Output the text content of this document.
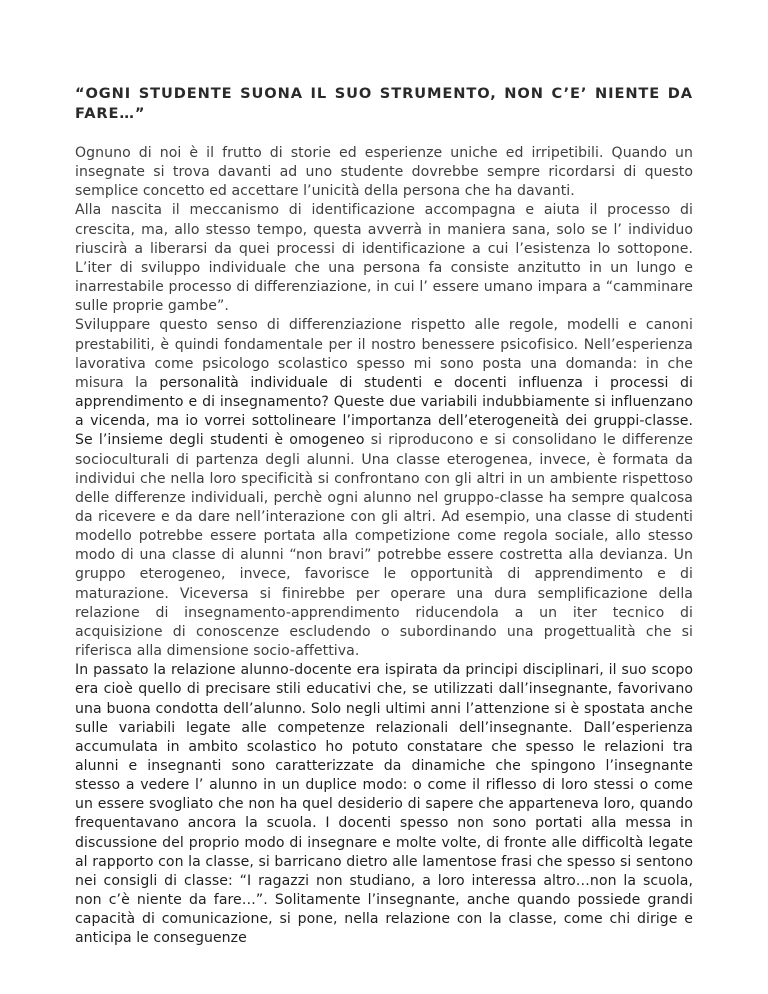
“OGNI STUDENTE SUONA IL SUO STRUMENTO, NON C’E’ NIENTE DA FARE…”

Ognuno di noi è il frutto di storie ed esperienze uniche ed irripetibili. Quando un insegnate si trova davanti ad uno studente dovrebbe sempre ricordarsi di questo semplice concetto ed accettare l’unicità della persona che ha davanti.

Alla nascita il meccanismo di identificazione accompagna e aiuta il processo di crescita, ma, allo stesso tempo, questa avverrà in maniera sana, solo se l’ individuo riuscirà a liberarsi da quei processi di identificazione a cui l’esistenza lo sottopone. L’iter di sviluppo individuale che una persona fa consiste anzitutto in un lungo e inarrestabile processo di differenziazione, in cui l’ essere umano impara a “camminare sulle proprie gambe”.

Sviluppare questo senso di differenziazione rispetto alle regole, modelli e canoni prestabiliti, è quindi fondamentale per il nostro benessere psicofisico. Nell’esperienza lavorativa come psicologo scolastico spesso mi sono posta una domanda: in che misura la personalità individuale di studenti e docenti influenza i processi di apprendimento e di insegnamento? Queste due variabili indubbiamente si influenzano a vicenda, ma io vorrei sottolineare l’importanza dell’eterogeneità dei gruppi-classe. Se l’insieme degli studenti è omogeneo si riproducono e si consolidano le differenze socioculturali di partenza degli alunni. Una classe eterogenea, invece, è formata da individui che nella loro specificità si confrontano con gli altri in un ambiente rispettoso delle differenze individuali, perchè ogni alunno nel gruppo-classe ha sempre qualcosa da ricevere e da dare nell’interazione con gli altri. Ad esempio, una classe di studenti modello potrebbe essere portata alla competizione come regola sociale, allo stesso modo di una classe di alunni “non bravi” potrebbe essere costretta alla devianza. Un gruppo eterogeneo, invece, favorisce le opportunità di apprendimento e di maturazione. Viceversa si finirebbe per operare una dura semplificazione della relazione di insegnamento-apprendimento riducendola a un iter tecnico di acquisizione di conoscenze escludendo o subordinando una progettualità che si riferisca alla dimensione socio-affettiva.

In passato la relazione alunno-docente era ispirata da principi disciplinari, il suo scopo era cioè quello di precisare stili educativi che, se utilizzati dall’insegnante, favorivano una buona condotta dell’alunno. Solo negli ultimi anni l’attenzione si è spostata anche sulle variabili legate alle competenze relazionali dell’insegnante. Dall’esperienza accumulata in ambito scolastico ho potuto constatare che spesso le relazioni tra alunni e insegnanti sono caratterizzate da dinamiche che spingono l’insegnante stesso a vedere l’ alunno in un duplice modo: o come il riflesso di loro stessi o come un essere svogliato che non ha quel desiderio di sapere che apparteneva loro, quando frequentavano ancora la scuola. I docenti spesso non sono portati alla messa in discussione del proprio modo di insegnare e molte volte, di fronte alle difficoltà legate al rapporto con la classe, si barricano dietro alle lamentose frasi che spesso si sentono nei consigli di classe: “I ragazzi non studiano, a loro interessa altro…non la scuola, non c’è niente da fare…”. Solitamente l’insegnante, anche quando possiede grandi capacità di comunicazione, si pone, nella relazione con la classe, come chi dirige e anticipa le conseguenze
